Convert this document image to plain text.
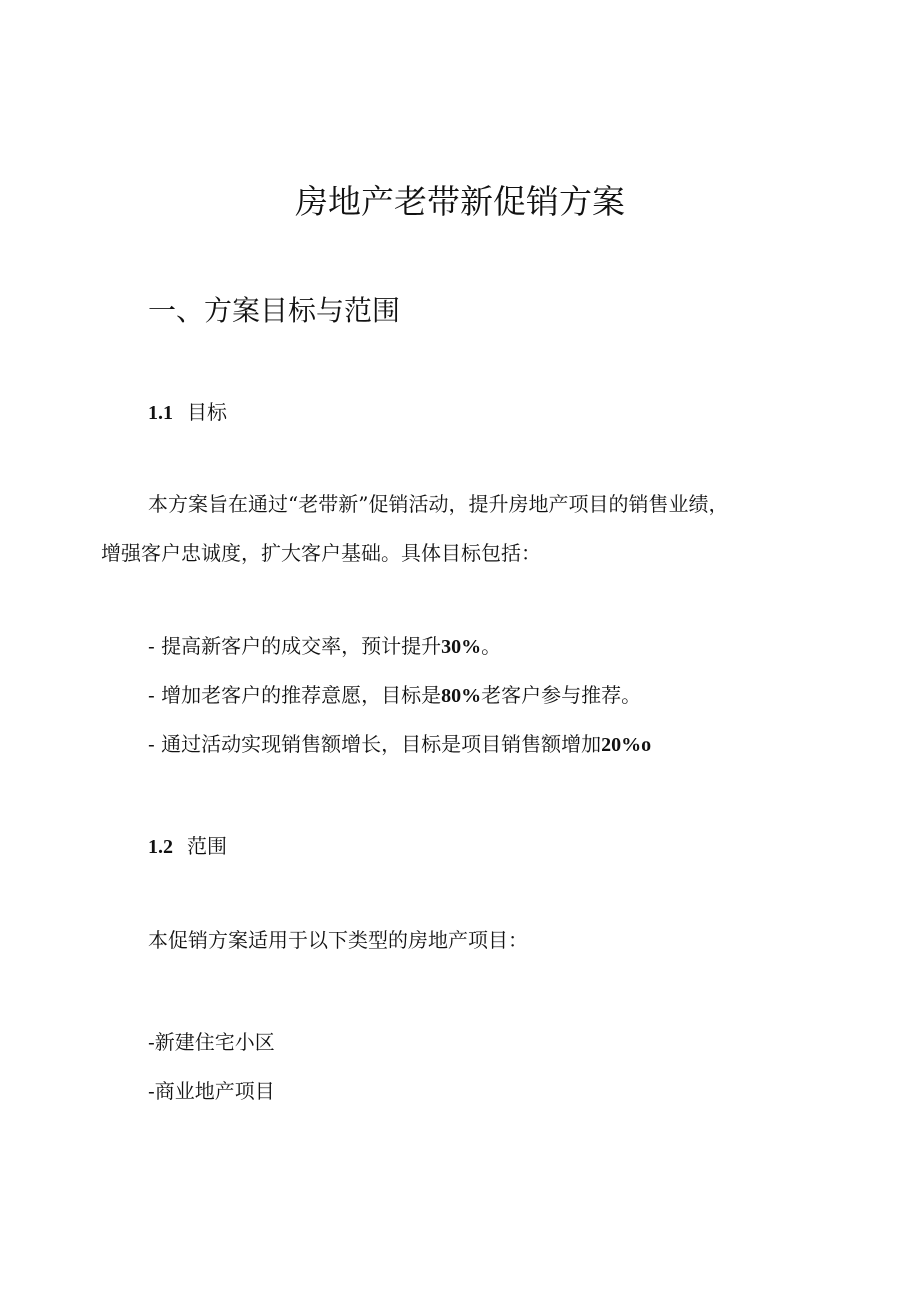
房地产老带新促销方案
一、方案目标与范围
1.1 目标

本方案旨在通过“老带新”促销活动，提升房地产项目的销售业绩，

增强客户忠诚度，扩大客户基础。具体目标包括：

- 提高新客户的成交率，预计提升30%。
- 增加老客户的推荐意愿，目标是80%老客户参与推荐。
- 通过活动实现销售额增长，目标是项目销售额增加20%o
1.2 范围

本促销方案适用于以下类型的房地产项目：

-新建住宅小区
-商业地产项目
